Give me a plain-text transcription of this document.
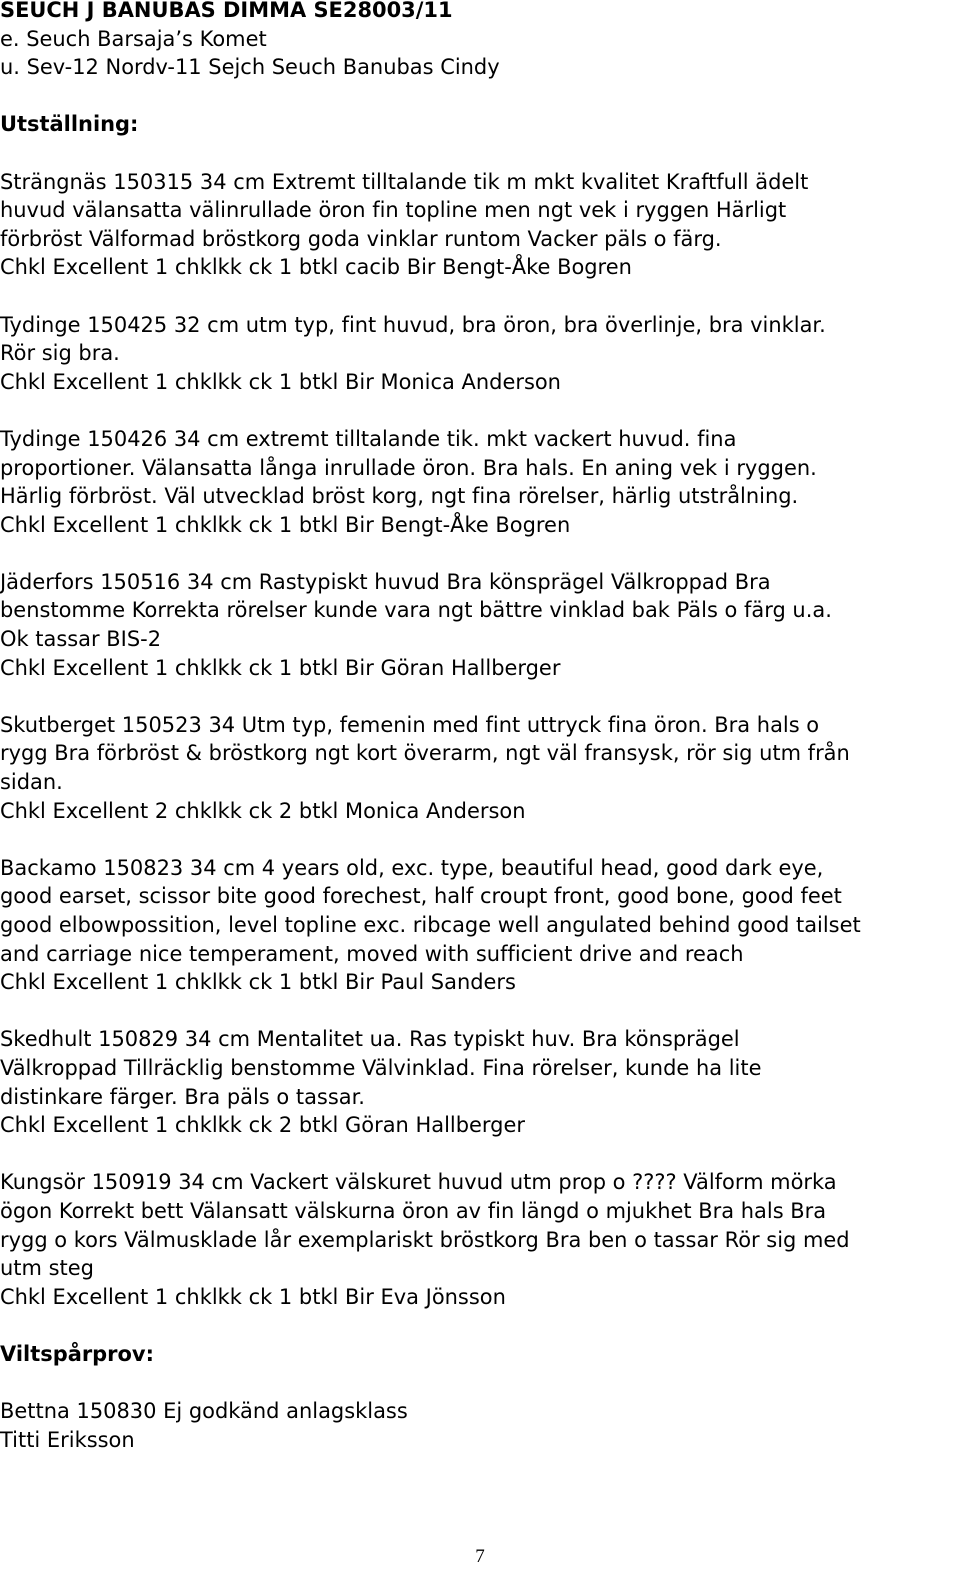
SEUCH J BANUBAS DIMMA SE28003/11
e. Seuch Barsaja’s Komet
u. Sev-12 Nordv-11 Sejch Seuch Banubas Cindy
Utställning:
Strängnäs 150315 34 cm Extremt tilltalande tik m mkt kvalitet Kraftfull ädelt
huvud välansatta välinrullade öron fin topline men ngt vek i ryggen Härligt
förbröst Välformad bröstkorg goda vinklar runtom Vacker päls o färg.
Chkl Excellent 1 chklkk ck 1 btkl cacib Bir Bengt-Åke Bogren
Tydinge 150425 32 cm utm typ, fint huvud, bra öron, bra överlinje, bra vinklar.
Rör sig bra.
Chkl Excellent 1 chklkk ck 1 btkl Bir Monica Anderson
Tydinge 150426 34 cm extremt tilltalande tik. mkt vackert huvud. fina
proportioner. Välansatta långa inrullade öron. Bra hals. En aning vek i ryggen.
Härlig förbröst. Väl utvecklad bröst korg, ngt fina rörelser, härlig utstrålning.
Chkl Excellent 1 chklkk ck 1 btkl Bir Bengt-Åke Bogren
Jäderfors 150516 34 cm Rastypiskt huvud Bra könsprägel Välkroppad Bra
benstomme Korrekta rörelser kunde vara ngt bättre vinklad bak Päls o färg u.a.
Ok tassar BIS-2
Chkl Excellent 1 chklkk ck 1 btkl Bir Göran Hallberger
Skutberget 150523 34 Utm typ, femenin med fint uttryck fina öron. Bra hals o
rygg Bra förbröst & bröstkorg ngt kort överarm, ngt väl fransysk, rör sig utm från
sidan.
Chkl Excellent 2 chklkk ck 2 btkl Monica Anderson
Backamo 150823 34 cm 4 years old, exc. type, beautiful head, good dark eye,
good earset, scissor bite good forechest, half croupt front, good bone, good feet
good elbowpossition, level topline exc. ribcage well angulated behind good tailset
and carriage nice temperament, moved with sufficient drive and reach
Chkl Excellent 1 chklkk ck 1 btkl Bir Paul Sanders
Skedhult 150829 34 cm Mentalitet ua. Ras typiskt huv. Bra könsprägel
Välkroppad Tillräcklig benstomme Välvinklad. Fina rörelser, kunde ha lite
distinkare färger. Bra päls o tassar.
Chkl Excellent 1 chklkk ck 2 btkl Göran Hallberger
Kungsör 150919 34 cm Vackert välskuret huvud utm prop o ???? Välform mörka
ögon Korrekt bett Välansatt välskurna öron av fin längd o mjukhet Bra hals Bra
rygg o kors Välmusklade lår exemplariskt bröstkorg Bra ben o tassar Rör sig med
utm steg
Chkl Excellent 1 chklkk ck 1 btkl Bir Eva Jönsson
Viltspårprov:
Bettna 150830 Ej godkänd anlagsklass
Titti Eriksson
7
